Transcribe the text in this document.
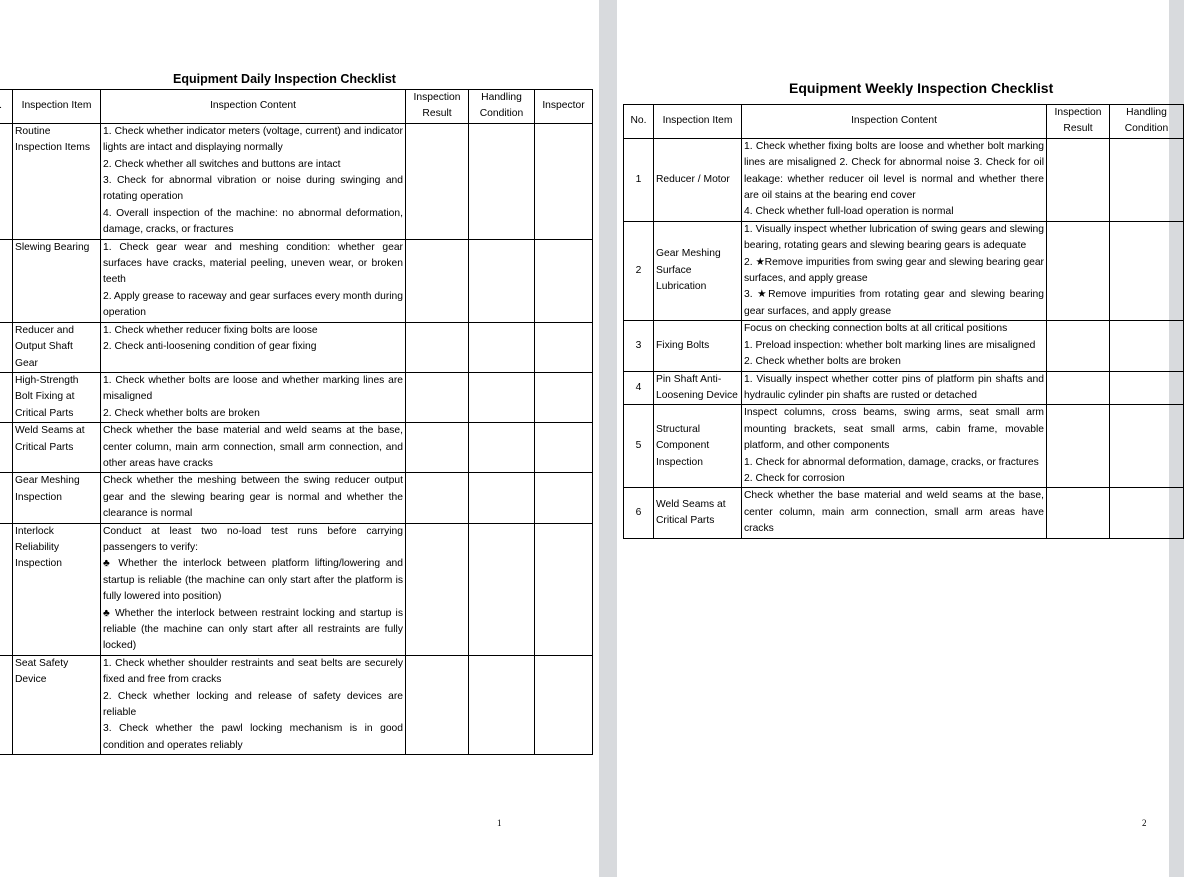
Equipment Daily Inspection Checklist
	Inspection Item	Inspection Content	Inspection Result	Handling Condition	Inspector
	Routine Inspection Items	1. Check whether indicator meters (voltage, current) and indicator lights are intact and displaying normally
2. Check whether all switches and buttons are intact
3. Check for abnormal vibration or noise during swinging and rotating operation
4. Overall inspection of the machine: no abnormal deformation, damage, cracks, or fractures			

	Slewing Bearing	1. Check gear wear and meshing condition: whether gear surfaces have cracks, material peeling, uneven wear, or broken teeth
2. Apply grease to raceway and gear surfaces every month during operation			

	Reducer and Output Shaft Gear	1. Check whether reducer fixing bolts are loose
2. Check anti-loosening condition of gear fixing			

	High-Strength Bolt Fixing at Critical Parts	1. Check whether bolts are loose and whether marking lines are misaligned
2. Check whether bolts are broken			

	Weld Seams at Critical Parts	Check whether the base material and weld seams at the base, center column, main arm connection, small arm connection, and other areas have cracks			

	Gear Meshing Inspection	Check whether the meshing between the swing reducer output gear and the slewing bearing gear is normal and whether the clearance is normal			

	Interlock Reliability Inspection	Conduct at least two no-load test runs before carrying passengers to verify:
♣ Whether the interlock between platform lifting/lowering and startup is reliable (the machine can only start after the platform is fully lowered into position)
♣ Whether the interlock between restraint locking and startup is reliable (the machine can only start after all restraints are fully locked)			

	Seat Safety Device	1. Check whether shoulder restraints and seat belts are securely fixed and free from cracks
2. Check whether locking and release of safety devices are reliable
3. Check whether the pawl locking mechanism is in good condition and operates reliably			

1
Equipment Weekly Inspection Checklist
No.	Inspection Item	Inspection Content	Inspection Result	Handling Condition
1	Reducer / Motor	1. Check whether fixing bolts are loose and whether bolt marking lines are misaligned 2. Check for abnormal noise 3. Check for oil leakage: whether reducer oil level is normal and whether there are oil stains at the bearing end cover
4. Check whether full-load operation is normal		

2	Gear Meshing Surface Lubrication	1. Visually inspect whether lubrication of swing gears and slewing bearing, rotating gears and slewing bearing gears is adequate
2. ★Remove impurities from swing gear and slewing bearing gear surfaces, and apply grease
3. ★Remove impurities from rotating gear and slewing bearing gear surfaces, and apply grease		

3	Fixing Bolts	Focus on checking connection bolts at all critical positions
1. Preload inspection: whether bolt marking lines are misaligned
2. Check whether bolts are broken		

4	Pin Shaft Anti-Loosening Device	1. Visually inspect whether cotter pins of platform pin shafts and hydraulic cylinder pin shafts are rusted or detached		

5	Structural Component Inspection	Inspect columns, cross beams, swing arms, seat small arm mounting brackets, seat small arms, cabin frame, movable platform, and other components
1. Check for abnormal deformation, damage, cracks, or fractures
2. Check for corrosion		

6	Weld Seams at Critical Parts	Check whether the base material and weld seams at the base, center column, main arm connection, small arm areas have cracks		

2
